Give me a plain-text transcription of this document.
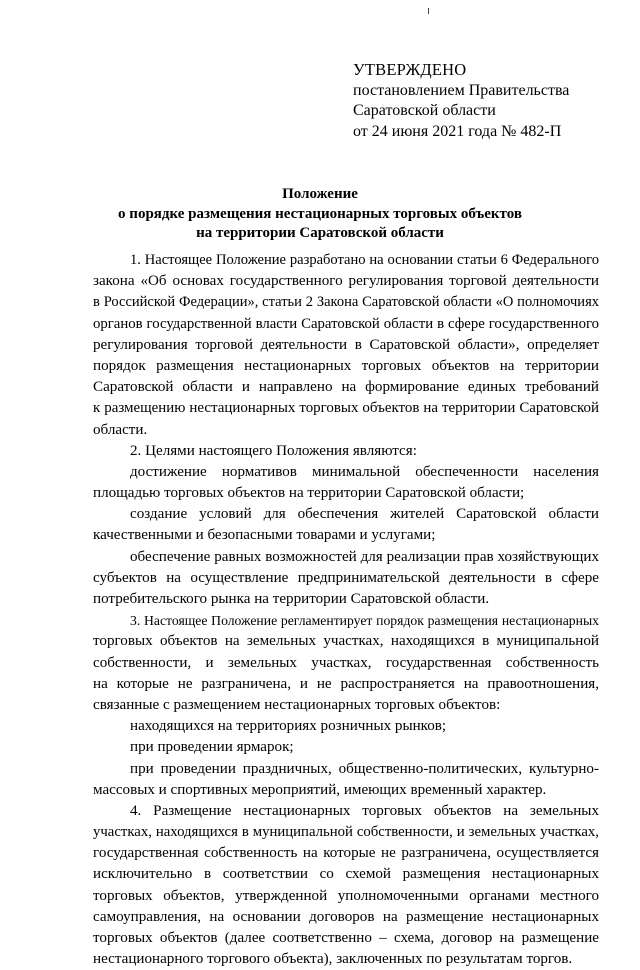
УТВЕРЖДЕНО
постановлением Правительства
Саратовской области
от 24 июня 2021 года № 482-П
Положение
о порядке размещения нестационарных торговых объектов
на территории Саратовской области
1. Настоящее Положение разработано на основании статьи 6 Федерального
закона «Об основах государственного регулирования торговой деятельности
в Российской Федерации», статьи 2 Закона Саратовской области «О полномочиях
органов государственной власти Саратовской области в сфере государственного
регулирования торговой деятельности в Саратовской области», определяет
порядок размещения нестационарных торговых объектов на территории
Саратовской области и направлено на формирование единых требований
к размещению нестационарных торговых объектов на территории Саратовской
области.
2. Целями настоящего Положения являются:
достижение нормативов минимальной обеспеченности населения
площадью торговых объектов на территории Саратовской области;
создание условий для обеспечения жителей Саратовской области
качественными и безопасными товарами и услугами;
обеспечение равных возможностей для реализации прав хозяйствующих
субъектов на осуществление предпринимательской деятельности в сфере
потребительского рынка на территории Саратовской области.
3. Настоящее Положение регламентирует порядок размещения нестационарных
торговых объектов на земельных участках, находящихся в муниципальной
собственности, и земельных участках, государственная собственность
на которые не разграничена, и не распространяется на правоотношения,
связанные с размещением нестационарных торговых объектов:
находящихся на территориях розничных рынков;
при проведении ярмарок;
при проведении праздничных, общественно-политических, культурно-
массовых и спортивных мероприятий, имеющих временный характер.
4. Размещение нестационарных торговых объектов на земельных
участках, находящихся в муниципальной собственности, и земельных участках,
государственная собственность на которые не разграничена, осуществляется
исключительно в соответствии со схемой размещения нестационарных
торговых объектов, утвержденной уполномоченными органами местного
самоуправления, на основании договоров на размещение нестационарных
торговых объектов (далее соответственно – схема, договор на размещение
нестационарного торгового объекта), заключенных по результатам торгов.
